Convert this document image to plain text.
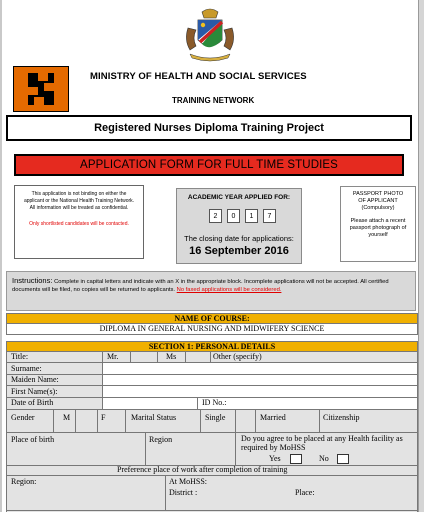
MINISTRY OF HEALTH AND SOCIAL SERVICES
TRAINING NETWORK
Registered Nurses Diploma Training Project
APPLICATION FORM FOR FULL TIME STUDIES
This application is not binding on either the applicant or the National Health Training Network.
All information will be treated as confidential.
Only shortlisted candidates will be contacted.
ACADEMIC YEAR APPLIED FOR:
2	0	1	7
The closing date for applications:
16 September 2016
PASSPORT PHOTO OF APPLICANT
(Compulsory)
Please attach a recent passport photograph of yourself
Instructions: Complete in capital letters and indicate with an X in the appropriate block. Incomplete applications will not be accepted. All certified documents will be filed, no copies will be returned to applicants. No faxed applications will be considered.
NAME OF COURSE:
DIPLOMA IN GENERAL NURSING AND MIDWIFERY SCIENCE
SECTION 1: PERSONAL DETAILS
Title:	Mr.	Ms	Other (specify)
Surname:
Maiden Name:
First Name(s):
Date of Birth	ID No.:
Gender	M	F	Marital Status	Single	Married	Citizenship
Place of birth	Region	Do you agree to be placed at any Health facility as required by MoHSS
Yes	No
Preference place of work after completion of training
Region:	At MoHSS:
District :	Place:
